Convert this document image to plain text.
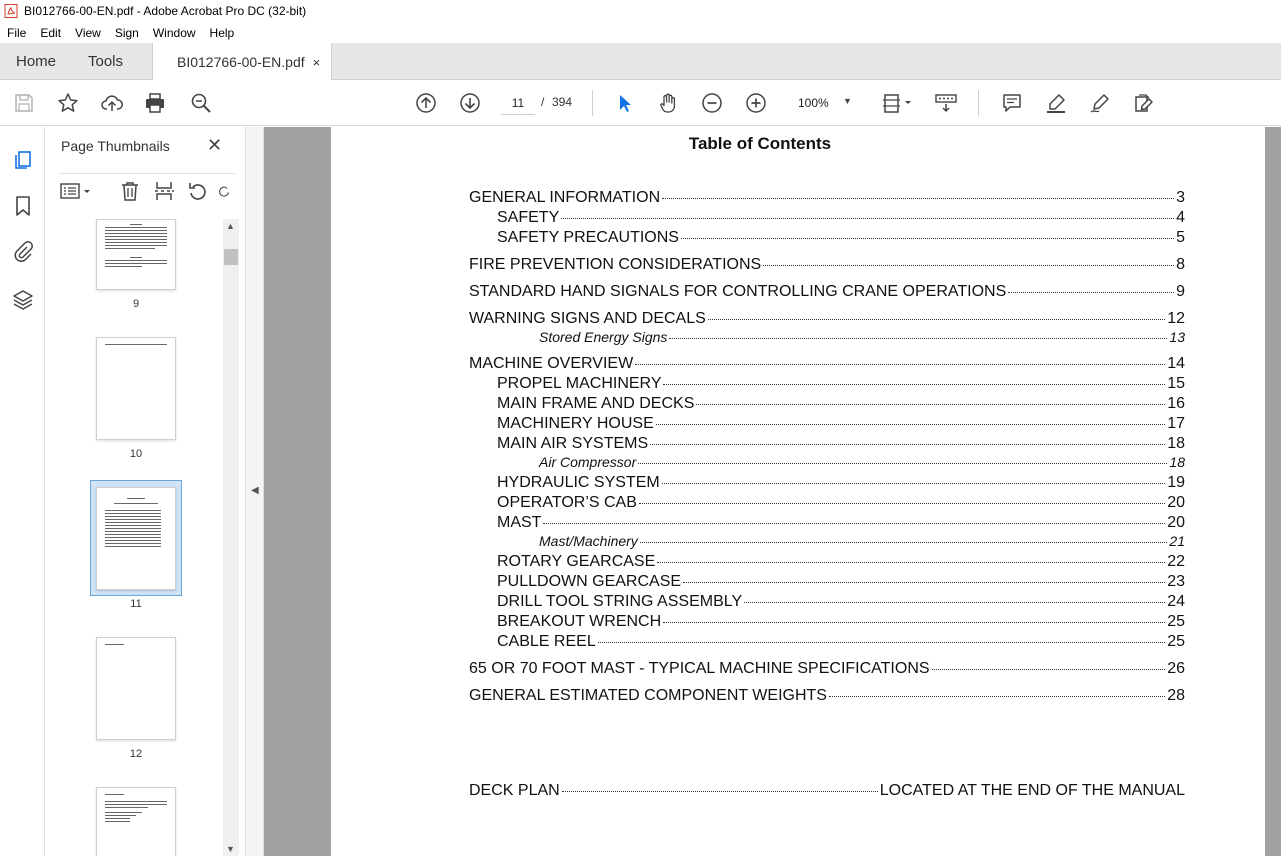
BI012766-00-EN.pdf - Adobe Acrobat Pro DC (32-bit)
File	Edit	View	Sign	Window	Help
Home Tools	BI012766-00-EN.pdf ×
11
/ 394	100% ▼
Page Thumbnails ✕
9
10
11
12
▲
▼
◀
Table of Contents
GENERAL INFORMATION	3
SAFETY	4
SAFETY PRECAUTIONS	5
FIRE PREVENTION CONSIDERATIONS	8
STANDARD HAND SIGNALS FOR CONTROLLING CRANE OPERATIONS	9
WARNING SIGNS AND DECALS	12
Stored Energy Signs	13
MACHINE OVERVIEW	14
PROPEL MACHINERY	15
MAIN FRAME AND DECKS	16
MACHINERY HOUSE	17
MAIN AIR SYSTEMS	18
Air Compressor	18
HYDRAULIC SYSTEM	19
OPERATOR’S CAB	20
MAST	20
Mast/Machinery	21
ROTARY GEARCASE	22
PULLDOWN GEARCASE	23
DRILL TOOL STRING ASSEMBLY	24
BREAKOUT WRENCH	25
CABLE REEL	25
65 OR 70 FOOT MAST - TYPICAL MACHINE SPECIFICATIONS	26
GENERAL ESTIMATED COMPONENT WEIGHTS	28
DECK PLAN	LOCATED AT THE END OF THE MANUAL
